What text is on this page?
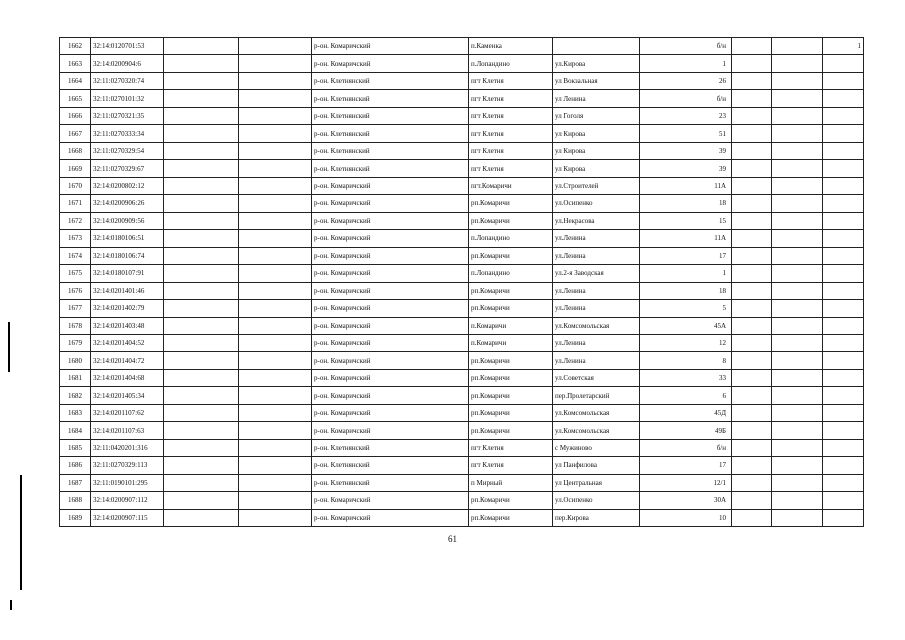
1662	32:14:0120701:53			р-он. Комаричский	п.Каменка		б/н			1
1663	32:14:0200904:6			р-он. Комаричский	п.Лопандино	ул.Кирова	1			
1664	32:11:0270320:74			р-он. Клетнянский	пгт Клетня	ул Вокзальная	26			
1665	32:11:0270101:32			р-он. Клетнянский	пгт Клетня	ул Ленина	б/н			
1666	32:11:0270321:35			р-он. Клетнянский	пгт Клетня	ул Гоголя	23			
1667	32:11:0270333:34			р-он. Клетнянский	пгт Клетня	ул Кирова	51			
1668	32:11:0270329:54			р-он. Клетнянский	пгт Клетня	ул Кирова	39			
1669	32:11:0270329:67			р-он. Клетнянский	пгт Клетня	ул Кирова	39			
1670	32:14:0200802:12			р-он. Комаричский	пгт.Комаричи	ул.Строителей	11А			
1671	32:14:0200906:26			р-он. Комаричский	рп.Комаричи	ул.Осипенко	18			
1672	32:14:0200909:56			р-он. Комаричский	рп.Комаричи	ул.Некрасова	15			
1673	32:14:0180106:51			р-он. Комаричский	п.Лопандино	ул.Ленина	11А			
1674	32:14:0180106:74			р-он. Комаричский	рп.Комаричи	ул.Ленина	17			
1675	32:14:0180107:91			р-он. Комаричский	п.Лопандино	ул.2-я Заводская	1			
1676	32:14:0201401:46			р-он. Комаричский	рп.Комаричи	ул.Ленина	18			
1677	32:14:0201402:79			р-он. Комаричский	рп.Комаричи	ул.Ленина	5			
1678	32:14:0201403:48			р-он. Комаричский	п.Комаричи	ул.Комсомольская	45А			
1679	32:14:0201404:52			р-он. Комаричский	п.Комаричи	ул.Ленина	12			
1680	32:14:0201404:72			р-он. Комаричский	рп.Комаричи	ул.Ленина	8			
1681	32:14:0201404:68			р-он. Комаричский	рп.Комаричи	ул.Советская	33			
1682	32:14:0201405:34			р-он. Комаричский	рп.Комаричи	пер.Пролетарский	6			
1683	32:14:0201107:62			р-он. Комаричский	рп.Комаричи	ул.Комсомольская	45Д			
1684	32:14:0201107:63			р-он. Комаричский	рп.Комаричи	ул.Комсомольская	49Б			
1685	32:11:0420201:316			р-он. Клетнянский	пгт Клетня	с Мужиново	б/н			
1686	32:11:0270329:113			р-он. Клетнянский	пгт Клетня	ул Панфилова	17			
1687	32:11:0190101:295			р-он. Клетнянский	п Мирный	ул Центральная	12/1			
1688	32:14:0200907:112			р-он. Комаричский	рп.Комаричи	ул.Осипенко	30А			
1689	32:14:0200907:115			р-он. Комаричский	рп.Комаричи	пер.Кирова	10			
61
